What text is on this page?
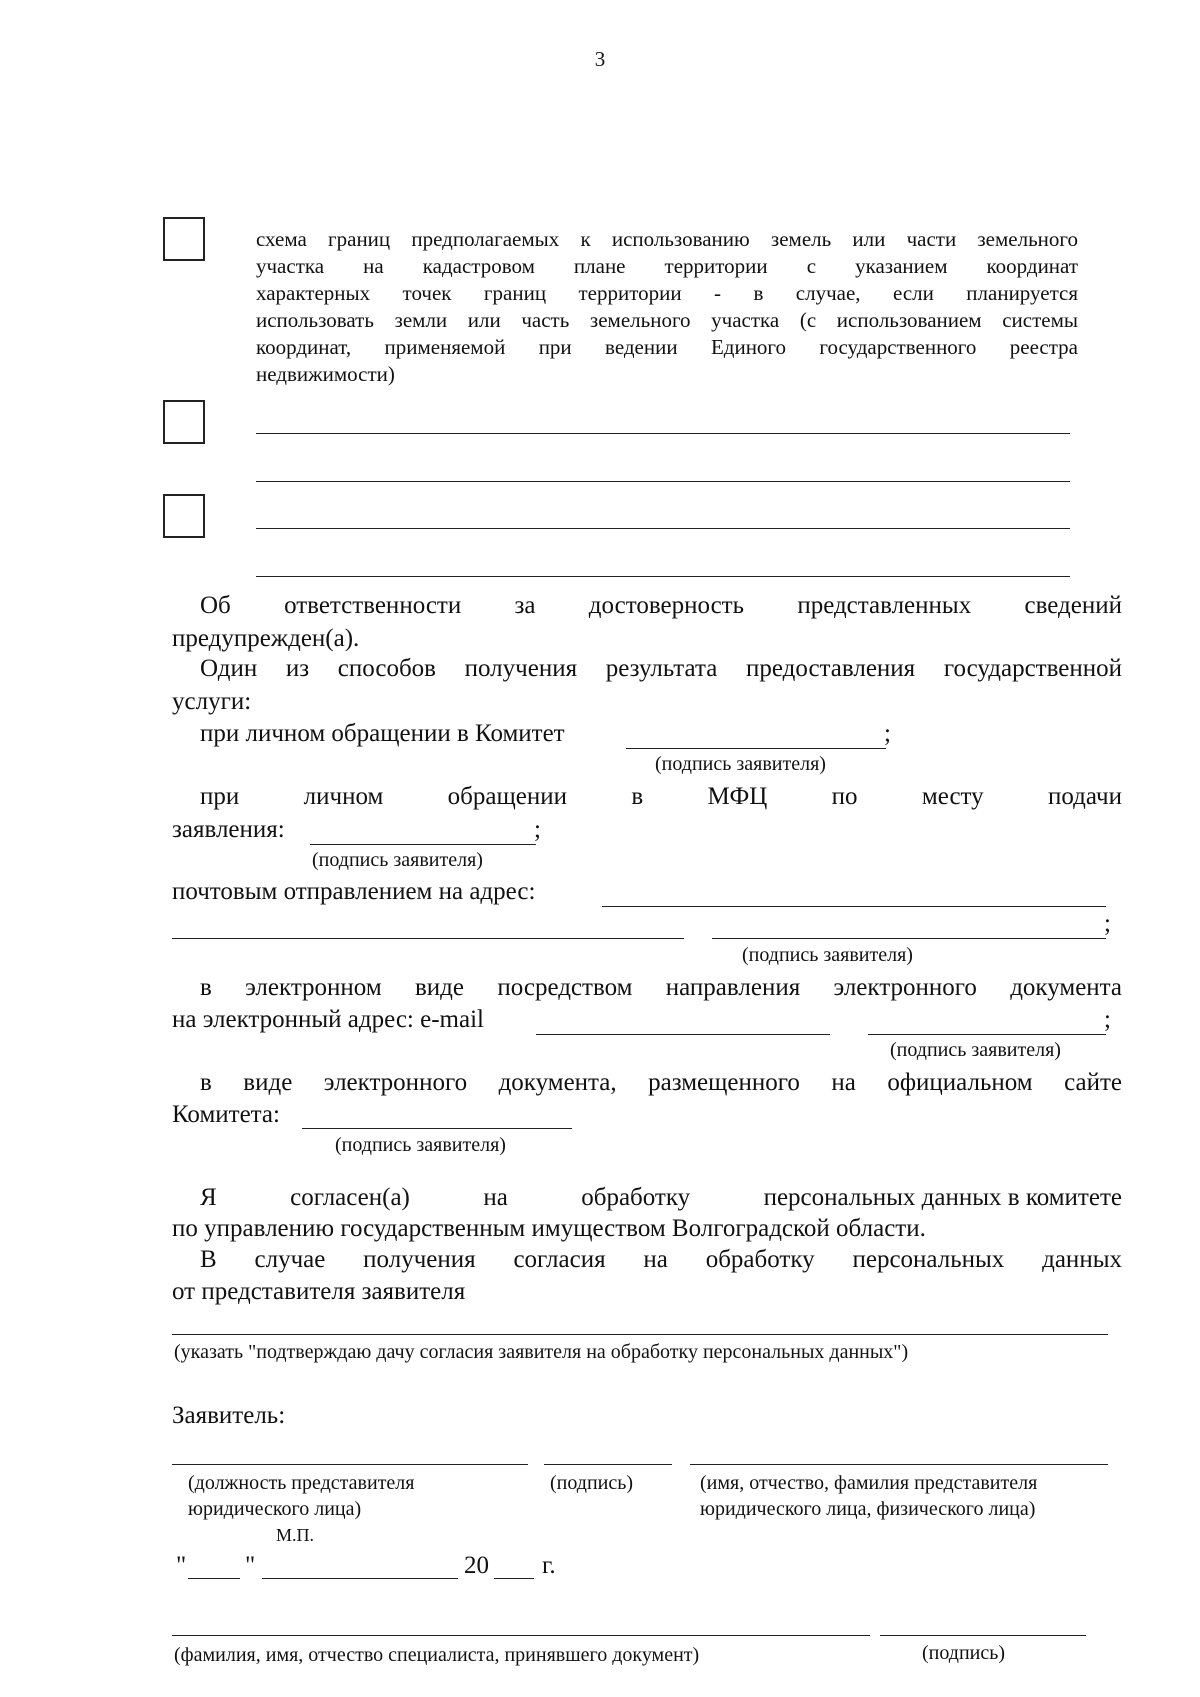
3
схема границ предполагаемых к использованию земель или части земельного
участка на кадастровом плане территории с указанием координат
характерных точек границ территории - в случае, если планируется
использовать земли или часть земельного участка (с использованием системы
координат, применяемой при ведении Единого государственного реестра
недвижимости)
Об ответственности за достоверность представленных сведений
предупрежден(а).
Один из способов получения результата предоставления государственной
услуги:
при личном обращении в Комитет	;
(подпись заявителя)
при	личном	обращении	в	МФЦ	по	месту	подачи
заявления:	;
(подпись заявителя)
почтовым отправлением на адрес:
;
(подпись заявителя)
в электронном виде посредством направления электронного документа
на электронный адрес: e-mail	;
(подпись заявителя)
в виде электронного документа, размещенного на официальном сайте
Комитета:
(подпись заявителя)
Я	согласен(а)	на	обработку	персональных данных в комитете
по управлению государственным имуществом Волгоградской области.
В случае получения согласия на обработку персональных данных
от представителя заявителя
(указать "подтверждаю дачу согласия заявителя на обработку персональных данных")
Заявитель:
(должность представителя
юридического лица)
(подпись)	(имя, отчество, фамилия представителя
юридического лица, физического лица)
М.П.
" "	20 г.
(фамилия, имя, отчество специалиста, принявшего документ)	(подпись)
